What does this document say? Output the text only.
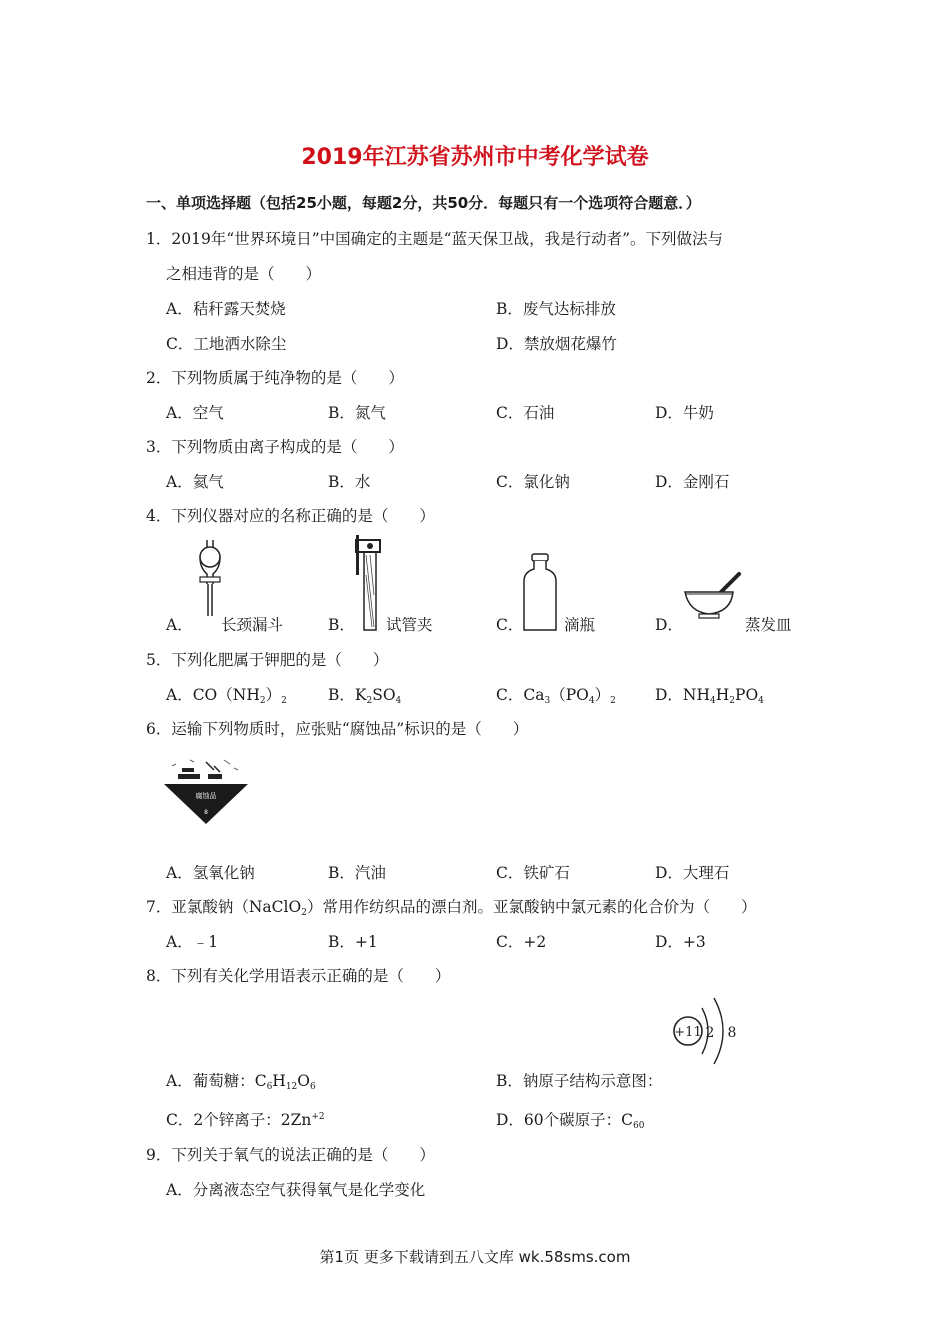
2019年江苏省苏州市中考化学试卷
一、单项选择题（包括25小题，每题2分，共50分．每题只有一个选项符合题意．）
1．2019年“世界环境日”中国确定的主题是“蓝天保卫战，我是行动者”。下列做法与
之相违背的是（　　）
A．秸秆露天焚烧	B．废气达标排放
C．工地洒水除尘	D．禁放烟花爆竹
2．下列物质属于纯净物的是（　　）
A．空气	B．氮气	C．石油	D．牛奶
3．下列物质由离子构成的是（　　）
A．氦气	B．水	C．氯化钠	D．金刚石
4．下列仪器对应的名称正确的是（　　）
A． 长颈漏斗	B． 试管夹	C．	滴瓶	D．	蒸发皿
5．下列化肥属于钾肥的是（　　）
A．$CO(NH_2)_2$	B．$K_2SO_4$	C．$Ca_3(PO_4)_2$	D．$NH_4H_2PO_4$
6．运输下列物质时，应张贴“腐蚀品”标识的是（　　）
腐蚀品
8
A．氢氧化钠	B．汽油	C．铁矿石	D．大理石
7．亚氯酸钠（NaClO$_2$）常用作纺织品的漂白剂。亚氯酸钠中氯元素的化合价为（　　）
A．﹣1	B．+1	C．+2	D．+3
8．下列有关化学用语表示正确的是（　　）
+11 2 8
A．葡萄糖：$C_6H_{12}O_6$	B．钠原子结构示意图：
C．2个锌离子：$2Zn^{+2}$	D．60个碳原子：$C_{60}$
9．下列关于氧气的说法正确的是（　　）
A．分离液态空气获得氧气是化学变化
第1页 更多下载请到五八文库 wk.58sms.com
